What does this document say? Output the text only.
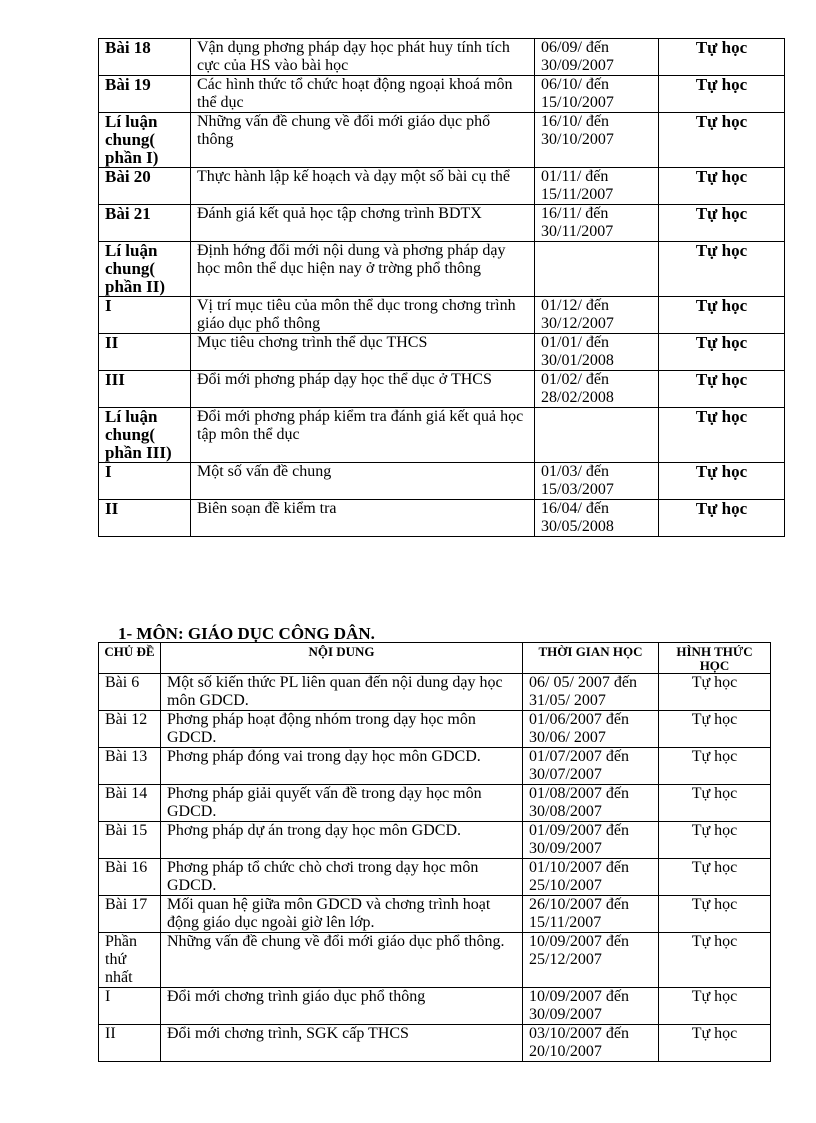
Bài 18	Vận dụng phơng pháp dạy học phát huy tính tích cực của HS vào bài học	06/09/ đến 30/09/2007	Tự học
Bài 19	Các hình thức tổ chức hoạt động ngoại khoá môn thể dục	06/10/ đến 15/10/2007	Tự học
Lí luận chung( phần I)	Những vấn đề chung về đổi mới giáo dục phổ thông	16/10/ đến 30/10/2007	Tự học
Bài 20	Thực hành lập kế hoạch và dạy một số bài cụ thể	01/11/ đến 15/11/2007	Tự học
Bài 21	Đánh giá kết quả học tập chơng trình BDTX	16/11/ đến 30/11/2007	Tự học
Lí luận chung( phần II)	Định hớng đổi mới nội dung và phơng pháp dạy học môn thể dục hiện nay ở trờng phổ thông		Tự học
I	Vị trí mục tiêu của môn thể dục trong chơng trình giáo dục phổ thông	01/12/ đến 30/12/2007	Tự học
II	Mục tiêu chơng trình thể dục THCS	01/01/ đến 30/01/2008	Tự học
III	Đổi mới phơng pháp dạy học thể dục ở THCS	01/02/ đến 28/02/2008	Tự học
Lí luận chung( phần III)	Đổi mới phơng pháp kiểm tra đánh giá kết quả học tập môn thể dục		Tự học
I	Một số vấn đề chung	01/03/ đến 15/03/2007	Tự học
II	Biên soạn đề kiểm tra	16/04/ đến 30/05/2008	Tự học
1- MÔN: GIÁO DỤC CÔNG DÂN.
CHỦ ĐỀ	NỘI DUNG	THỜI GIAN HỌC	HÌNH THỨC HỌC
Bài 6	Một số kiến thức PL liên quan đến nội dung dạy học môn GDCD.	06/ 05/ 2007 đến 31/05/ 2007	Tự học
Bài 12	Phơng pháp hoạt động nhóm trong dạy học môn GDCD.	01/06/2007 đến 30/06/ 2007	Tự học
Bài 13	Phơng pháp đóng vai trong dạy học môn GDCD.	01/07/2007 đến 30/07/2007	Tự học
Bài 14	Phơng pháp giải quyết vấn đề trong dạy học môn GDCD.	01/08/2007 đến 30/08/2007	Tự học
Bài 15	Phơng pháp dự án trong dạy học môn GDCD.	01/09/2007 đến 30/09/2007	Tự học
Bài 16	Phơng pháp tổ chức chò chơi trong dạy học môn GDCD.	01/10/2007 đến 25/10/2007	Tự học
Bài 17	Mối quan hệ giữa môn GDCD và chơng trình hoạt động giáo dục ngoài giờ lên lớp.	26/10/2007 đến 15/11/2007	Tự học
Phần thứ nhất	Những vấn đề chung về đổi mới giáo dục phổ thông.	10/09/2007 đến 25/12/2007	Tự học
I	Đổi mới chơng trình giáo dục phổ thông	10/09/2007 đến 30/09/2007	Tự học
II	Đổi mới chơng trình, SGK cấp THCS	03/10/2007 đến 20/10/2007	Tự học
